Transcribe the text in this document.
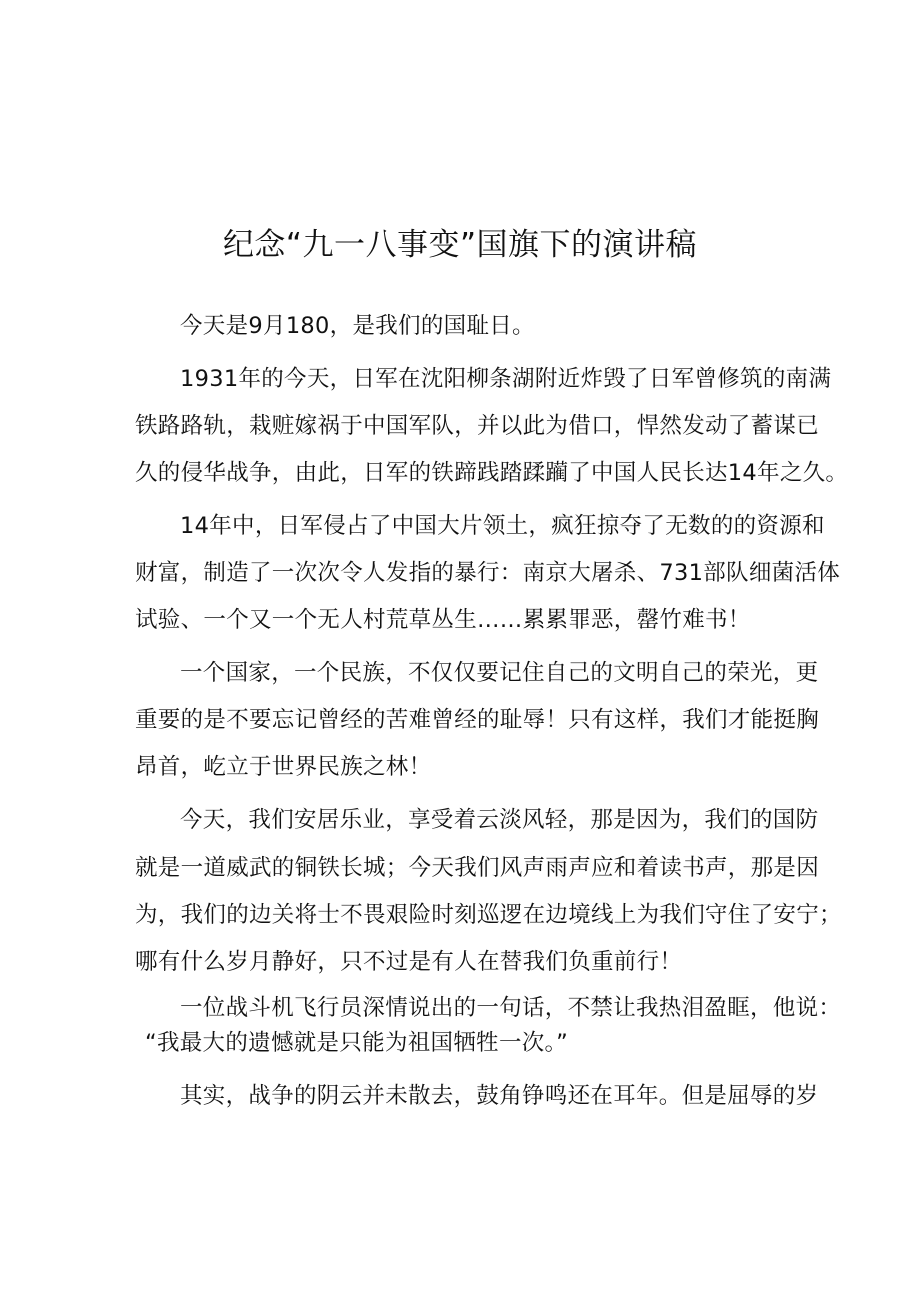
纪念“九一八事变”国旗下的演讲稿
今天是9月180，是我们的国耻日。
1931年的今天，日军在沈阳柳条湖附近炸毁了日军曾修筑的南满
铁路路轨，栽赃嫁祸于中国军队，并以此为借口，悍然发动了蓄谋已
久的侵华战争，由此，日军的铁蹄践踏蹂躏了中国人民长达14年之久。
14年中，日军侵占了中国大片领土，疯狂掠夺了无数的的资源和
财富，制造了一次次令人发指的暴行：南京大屠杀、731部队细菌活体
试验、一个又一个无人村荒草丛生……累累罪恶，罄竹难书！
一个国家，一个民族，不仅仅要记住自己的文明自己的荣光，更
重要的是不要忘记曾经的苦难曾经的耻辱！只有这样，我们才能挺胸
昂首，屹立于世界民族之林！
今天，我们安居乐业，享受着云淡风轻，那是因为，我们的国防
就是一道威武的铜铁长城；今天我们风声雨声应和着读书声，那是因
为，我们的边关将士不畏艰险时刻巡逻在边境线上为我们守住了安宁；
哪有什么岁月静好，只不过是有人在替我们负重前行！
一位战斗机飞行员深情说出的一句话，不禁让我热泪盈眶，他说：
“我最大的遗憾就是只能为祖国牺牲一次。”
其实，战争的阴云并未散去，鼓角铮鸣还在耳年。但是屈辱的岁
